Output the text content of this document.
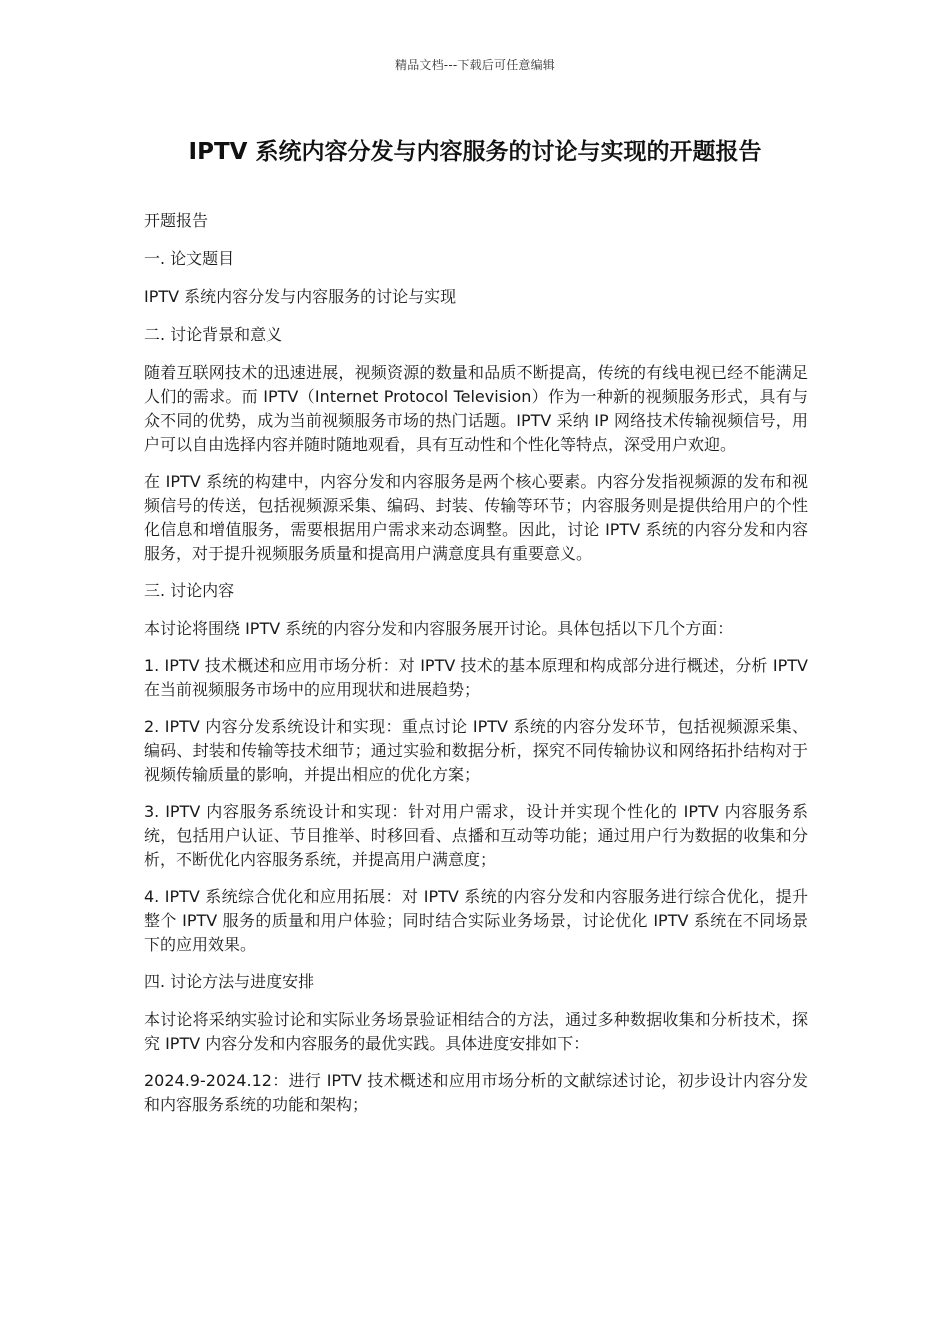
精品文档---下载后可任意编辑
IPTV 系统内容分发与内容服务的讨论与实现的开题报告

开题报告

一. 论文题目

IPTV 系统内容分发与内容服务的讨论与实现

二. 讨论背景和意义

随着互联网技术的迅速进展，视频资源的数量和品质不断提高，传统的有线电视已经不能满足人们的需求。而 IPTV（Internet Protocol Television）作为一种新的视频服务形式，具有与众不同的优势，成为当前视频服务市场的热门话题。IPTV 采纳 IP 网络技术传输视频信号，用户可以自由选择内容并随时随地观看，具有互动性和个性化等特点，深受用户欢迎。

在 IPTV 系统的构建中，内容分发和内容服务是两个核心要素。内容分发指视频源的发布和视频信号的传送，包括视频源采集、编码、封装、传输等环节；内容服务则是提供给用户的个性化信息和增值服务，需要根据用户需求来动态调整。因此，讨论 IPTV 系统的内容分发和内容服务，对于提升视频服务质量和提高用户满意度具有重要意义。

三. 讨论内容

本讨论将围绕 IPTV 系统的内容分发和内容服务展开讨论。具体包括以下几个方面：

1. IPTV 技术概述和应用市场分析：对 IPTV 技术的基本原理和构成部分进行概述，分析 IPTV 在当前视频服务市场中的应用现状和进展趋势；

2. IPTV 内容分发系统设计和实现：重点讨论 IPTV 系统的内容分发环节，包括视频源采集、编码、封装和传输等技术细节；通过实验和数据分析，探究不同传输协议和网络拓扑结构对于视频传输质量的影响，并提出相应的优化方案；

3. IPTV 内容服务系统设计和实现：针对用户需求，设计并实现个性化的 IPTV 内容服务系统，包括用户认证、节目推举、时移回看、点播和互动等功能；通过用户行为数据的收集和分析，不断优化内容服务系统，并提高用户满意度；

4. IPTV 系统综合优化和应用拓展：对 IPTV 系统的内容分发和内容服务进行综合优化，提升整个 IPTV 服务的质量和用户体验；同时结合实际业务场景，讨论优化 IPTV 系统在不同场景下的应用效果。

四. 讨论方法与进度安排

本讨论将采纳实验讨论和实际业务场景验证相结合的方法，通过多种数据收集和分析技术，探究 IPTV 内容分发和内容服务的最优实践。具体进度安排如下：

2024.9-2024.12：进行 IPTV 技术概述和应用市场分析的文献综述讨论，初步设计内容分发和内容服务系统的功能和架构；
